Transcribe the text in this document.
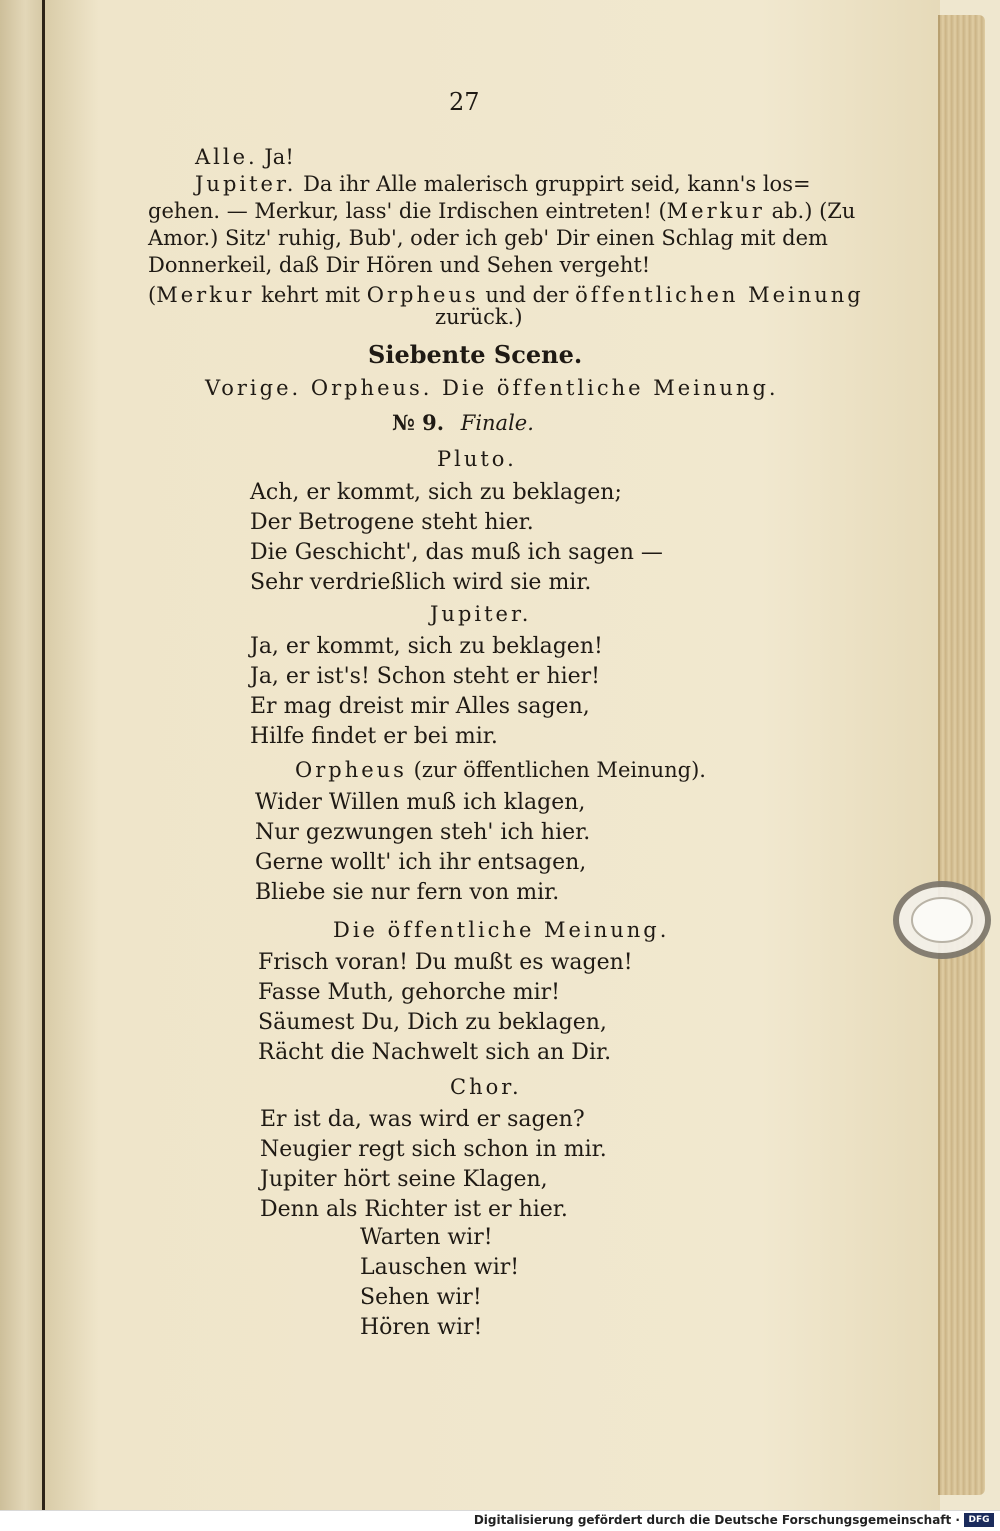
27
Alle. Ja!
Jupiter. Da ihr Alle malerisch gruppirt seid, kann's los=
gehen. — Merkur, lass' die Irdischen eintreten! (Merkur ab.) (Zu
Amor.) Sitz' ruhig, Bub', oder ich geb' Dir einen Schlag mit dem
Donnerkeil, daß Dir Hören und Sehen vergeht!
(Merkur kehrt mit Orpheus und der öffentlichen Meinung
zurück.)
Siebente Scene.
Vorige. Orpheus. Die öffentliche Meinung.
№ 9. Finale.
Pluto.
Ach, er kommt, sich zu beklagen;
Der Betrogene steht hier.
Die Geschicht', das muß ich sagen —
Sehr verdrießlich wird sie mir.
Jupiter.
Ja, er kommt, sich zu beklagen!
Ja, er ist's! Schon steht er hier!
Er mag dreist mir Alles sagen,
Hilfe findet er bei mir.
Orpheus (zur öffentlichen Meinung).
Wider Willen muß ich klagen,
Nur gezwungen steh' ich hier.
Gerne wollt' ich ihr entsagen,
Bliebe sie nur fern von mir.
Die öffentliche Meinung.
Frisch voran! Du mußt es wagen!
Fasse Muth, gehorche mir!
Säumest Du, Dich zu beklagen,
Rächt die Nachwelt sich an Dir.
Chor.
Er ist da, was wird er sagen?
Neugier regt sich schon in mir.
Jupiter hört seine Klagen,
Denn als Richter ist er hier.
Warten wir!
Lauschen wir!
Sehen wir!
Hören wir!
Digitalisierung gefördert durch die Deutsche Forschungsgemeinschaft · DFG
